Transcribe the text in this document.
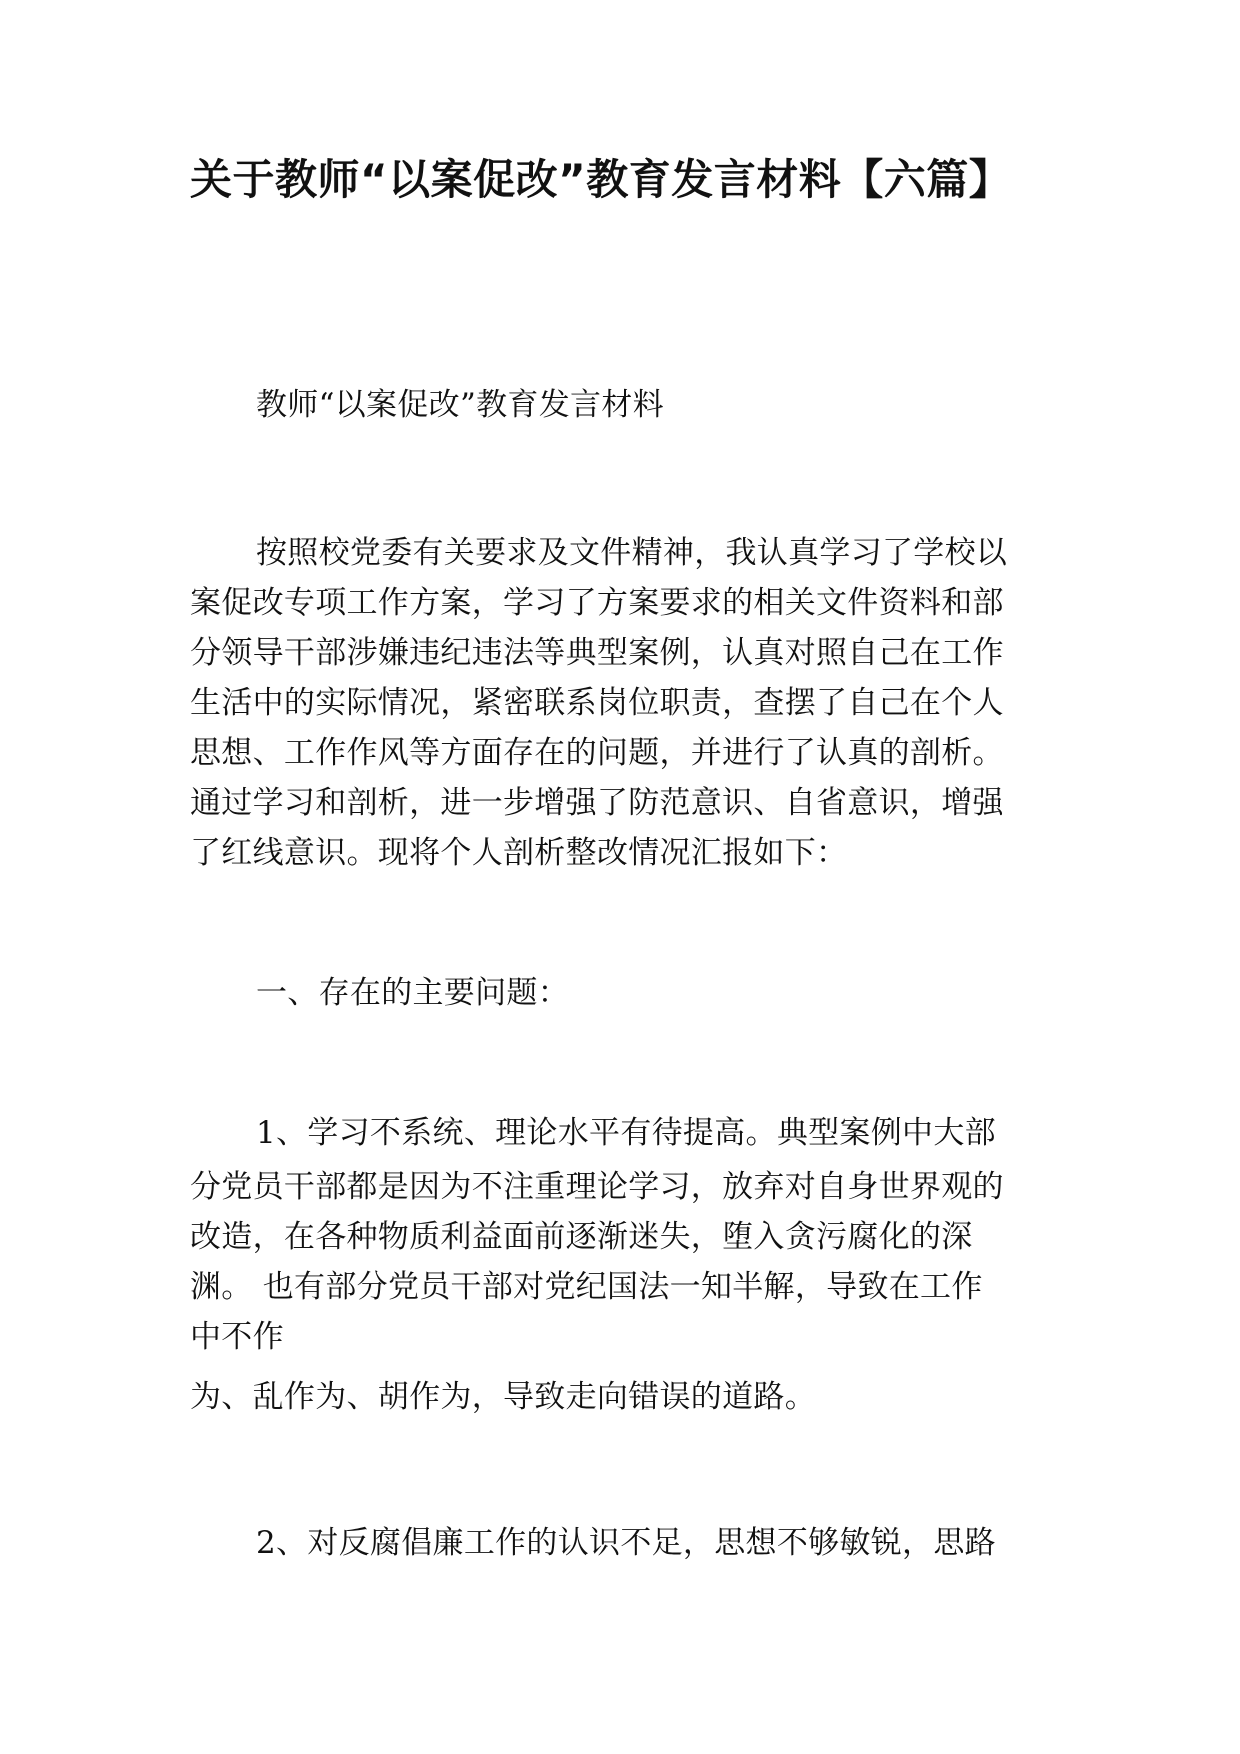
关于教师“以案促改”教育发言材料【六篇】
教师“以案促改”教育发言材料
按照校党委有关要求及文件精神，我认真学习了学校以
案促改专项工作方案，学习了方案要求的相关文件资料和部
分领导干部涉嫌违纪违法等典型案例，认真对照自己在工作
生活中的实际情况，紧密联系岗位职责，查摆了自己在个人
思想、工作作风等方面存在的问题，并进行了认真的剖析。
通过学习和剖析，进一步增强了防范意识、自省意识，增强
了红线意识。现将个人剖析整改情况汇报如下：
一、存在的主要问题：
1、学习不系统、理论水平有待提高。典型案例中大部
分党员干部都是因为不注重理论学习，放弃对自身世界观的
改造，在各种物质利益面前逐渐迷失，堕入贪污腐化的深
渊。 也有部分党员干部对党纪国法一知半解，导致在工作
中不作
为、乱作为、胡作为，导致走向错误的道路。
2、对反腐倡廉工作的认识不足，思想不够敏锐，思路
